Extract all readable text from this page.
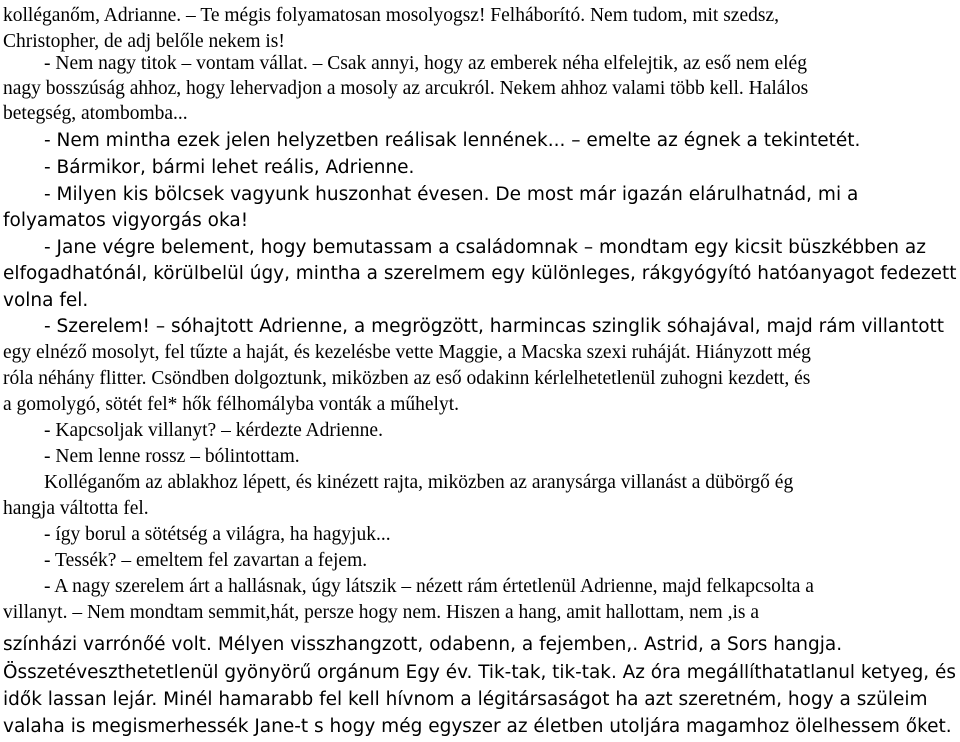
kolléganőm, Adrianne. – Te mégis folyamatosan mosolyogsz! Felháborító. Nem tudom, mit szedsz,
Christopher, de adj belőle nekem is!
- Nem nagy titok – vontam vállat. – Csak annyi, hogy az emberek néha elfelejtik, az eső nem elég
nagy bosszúság ahhoz, hogy lehervadjon a mosoly az arcukról. Nekem ahhoz valami több kell. Halálos
betegség, atombomba...
- Nem mintha ezek jelen helyzetben reálisak lennének... – emelte az égnek a tekintetét.
- Bármikor, bármi lehet reális, Adrienne.
- Milyen kis bölcsek vagyunk huszonhat évesen. De most már igazán elárulhatnád, mi a
folyamatos vigyorgás oka!
- Jane végre belement, hogy bemutassam a családomnak – mondtam egy kicsit büszkébben az
elfogadhatónál, körülbelül úgy, mintha a szerelmem egy különleges, rákgyógyító hatóanyagot fedezett
volna fel.
- Szerelem! – sóhajtott Adrienne, a megrögzött, harmincas szinglik sóhajával, majd rám villantott
egy elnéző mosolyt, fel tűzte a haját, és kezelésbe vette Maggie, a Macska szexi ruháját. Hiányzott még
róla néhány flitter. Csöndben dolgoztunk, miközben az eső odakinn kérlelhetetlenül zuhogni kezdett, és
a gomolygó, sötét fel* hők félhomályba vonták a műhelyt.
- Kapcsoljak villanyt? – kérdezte Adrienne.
- Nem lenne rossz – bólintottam.
Kolléganőm az ablakhoz lépett, és kinézett rajta, miközben az aranysárga villanást a dübörgő ég
hangja váltotta fel.
- így borul a sötétség a világra, ha hagyjuk...
- Tessék? – emeltem fel zavartan a fejem.
- A nagy szerelem árt a hallásnak, úgy látszik – nézett rám értetlenül Adrienne, majd felkapcsolta a
villanyt. – Nem mondtam semmit,hát, persze hogy nem. Hiszen a hang, amit hallottam, nem ,is a
színházi varrónőé volt. Mélyen visszhangzott, odabenn, a fejemben,. Astrid, a Sors hangja.
Összetéveszthetetlenül gyönyörű orgánum Egy év. Tik-tak, tik-tak. Az óra megállíthatatlanul ketyeg, és
idők lassan lejár. Minél hamarabb fel kell hívnom a légitársaságot ha azt szeretném, hogy a szüleim
valaha is megismerhessék Jane-t s hogy még egyszer az életben utoljára magamhoz ölelhessem őket.
